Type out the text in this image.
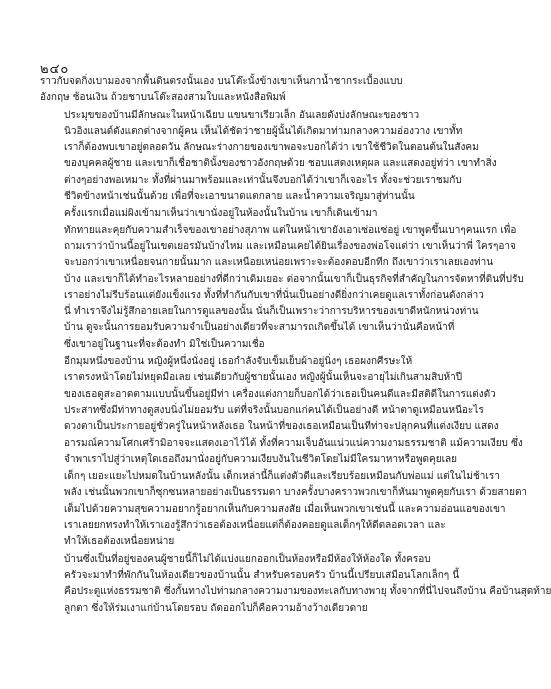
๒๔๐
ราวกับจดกิ่งเบามองจากพื้นดินตรงนั้นเอง บนโต๊ะนั้งข้างเขาเห็นกาน้ำชากระเบื้องแบบ
อังกฤษ ช้อนเงิน ถ้วยชาบนโต๊ะสองสามใบและหนังสือพิมพ์
ประมุขของบ้านมีลักษณะในหน้าเฉียบ แขนขาเรียวเล็ก อันเลยดังบ่งลักษณะของชาว
นิวอิงแลนด์ดังแตกต่างจากผู้คน เห็นได้ชัดว่าชายผู้นั้นได้เกิดมาท่ามกลางความอ่องวาง เขาทั้ท
เราก็ต้องพบเขาอยู่ตลอดวัน ลักษณะร่างกายของเขาพอจะบอกได้ว่า เขาใช้ชีวิตในตอนต้นในสังคม
ของบุคคลผู้ชาย และเขาก็เชื่อชาตินั้งของชาวอังกฤษด้วย ชอบแสดงเหตุผล และแสดงอยู่ท่ว่า เขาทำสิ่ง
ต่างๆอย่างพอเหมาะ ทั้งที่ผ่านมาพร้อมและเท่านั้นจึงบอกได้ว่าเขาก็เจอะไร ทั้งจะช่วยเราชมกับ
ชีวิตข้างหน้าเช่นนั้นด้วย เพื่อที่จะเอาขนาดแตกลาย และน้ำความเจริญมาสู่ท่านนั้น
ครั้งแรกเมื่อแม่ผิงเข้ามาเห็นว่าเขานั่งอยู่ในห้องนั้นในบ้าน เขาก็เดินเข้ามา
ทักทายและคุยกับความสำเร็จของเขาอย่างสุภาพ แต่ในหน้าเขายังเอาเซ่อแซ่อยู่ เขาพูดขึ้นเบาๆคนแรก เพื่อ
ถามเราว่าบ้านนี้อยู่ในเขตเยอรมันบ้างไหม และเหมือนเคยได้ยินเรื่องของพ่อโจแต่ว่า เขาเห็นว่าพี่ ใครๆอาจ
จะบอกว่าเขาเหนื่อยจนกายนั้นมาก และเหนือยเหน่อยเพราะจะต้องตอบอีกทีก ถึงเขาว่าเราเลยเองท่าน
บ้าง และเขาก็ได้ทำอะไรหลายอย่างที่ดีกว่าเดิมเยอะ ต่อจากนั้นเขาก็เป็นธุรกิจที่สำคัญในการจัดหาที่ดินที่ปรับ
เราอย่างไม่รีบร้อนแต่ยังแข็งแรง ทั้งที่ทำกันกับเขาที่นั่นเป็นอย่างดียิ่งกว่าเคยดูแลเราทั้งก่อนดังกล่าว
นี่ ทำเราจึงไม่รู้สึกอายเลยในการดูแลของนั้น นั่นก็เป็นเพราะว่าการบริหารของเขาดีหนักหน่วงท่าน
บ้าน ดูจะนั้นการยอมรับความจำเป็นอย่างเดียวที่จะสามารถเกิดขึ้นได้ เขาเห็นว่านั่นคือหน้าที่
ซึ่งเขาอยู่ในฐานะที่จะต้องทำ มิใช่เป็นความเชื่อ
อีกมุมหนึ่งของบ้าน หญิงผู้หนึ่งนั่งอยู่ เธอกำลังจับเข็มเย็บผ้าอยู่นิ่งๆ เธอผงกศีรษะให้
เราตรงหน้าโดยไม่หยุดมือเลย เช่นเดียวกับผู้ชายนั้นเอง หญิงผู้นั้นเห็นจะอายุไม่เกินสามสิบห้าปี
ของเธอดูสะอาดตามแบบนั้นขึ้นอยู่มีท่า เครื่องแต่งกายก็บอกได้ว่าเธอเป็นคนดีและมีสติดีในการแต่งตัว
ประสาทซึ่งมีท่าทางดูสงบนิ่งไม่ยอมรับ แต่ที่จริงนั้นบอกแก่คนได้เป็นอย่างดี หน้าตาดูเหมือนหนีอะไร
ดวงตาเป็นประกายอยู่ชั่วครู่ในหน้าหลังเธอ ในหน้าที่ของเธอเหมือนเป็นทีท่าจะปลุกคนที่แต่งเงียบ แสดง
อารมณ์ความโศกเศร้ามิอาจจะแสดงเอาไว้ได้ ทั้งที่ความเจ็บอันแน่วแน่ความงามธรรมชาติ แม้ความเงียบ ซึ่ง
จำพาเราไปสู่ว่าเหตุใดเธอถึงมานั่งอยู่กับความเงียบงันในชีวิตโดยไม่มีใครมาหาหรือพูดคุยเลย
เด็กๆ เยอะแยะไปหมดในบ้านหลังนั้น เด็กเหล่านี้ก็แต่งตัวดีและเรียบร้อยเหมือนกับพ่อแม่ แต่ในไม่ช้าเรา
พลัง เช่นนั้นพวกเขาก็ซุกซนหลายอย่างเป็นธรรมดา บางครั้งบางคราวพวกเขาก็หันมาพูดคุยกับเรา ด้วยสายตา
เต็มไปด้วยความสุขความอยากรู้อยากเห็นกับความสงสัย เมื่อเห็นพวกเขาเช่นนี้ และความอ่อนแอของเขา
เราเลยยกทรงทำให้เราเองรู้สึกว่าเธอต้องเหนื่อยแต่ก็ต้องคอยดูแลเด็กๆให้ดีตลอดเวลา และ
ทำให้เธอต้องเหนื่อยหน่าย
บ้านซึ่งเป็นที่อยู่ของคนผู้ชายนี้ก็ไม่ได้แบ่งแยกออกเป็นห้องหรือมีห้องให้ห้องใด ทั้งครอบ
ครัวจะมาทำที่พักกันในห้องเดียวของบ้านนั้น สำหรับครอบครัว บ้านนี้เปรียบเสมือนโลกเล็กๆ นี้
คือประตูแห่งธรรมชาติ ซึ่งกั้นทางไปท่ามกลางความงามของทะเลกับทางพายุ ทั้งจากที่นี่ไปจนถึงบ้าน คือบ้านสุดท้าย
ลูกตา ซึ่งให้ร่มเงาแก่บ้านโดยรอบ ถัดออกไปก็คือความอ้างว้างเดียวดาย
